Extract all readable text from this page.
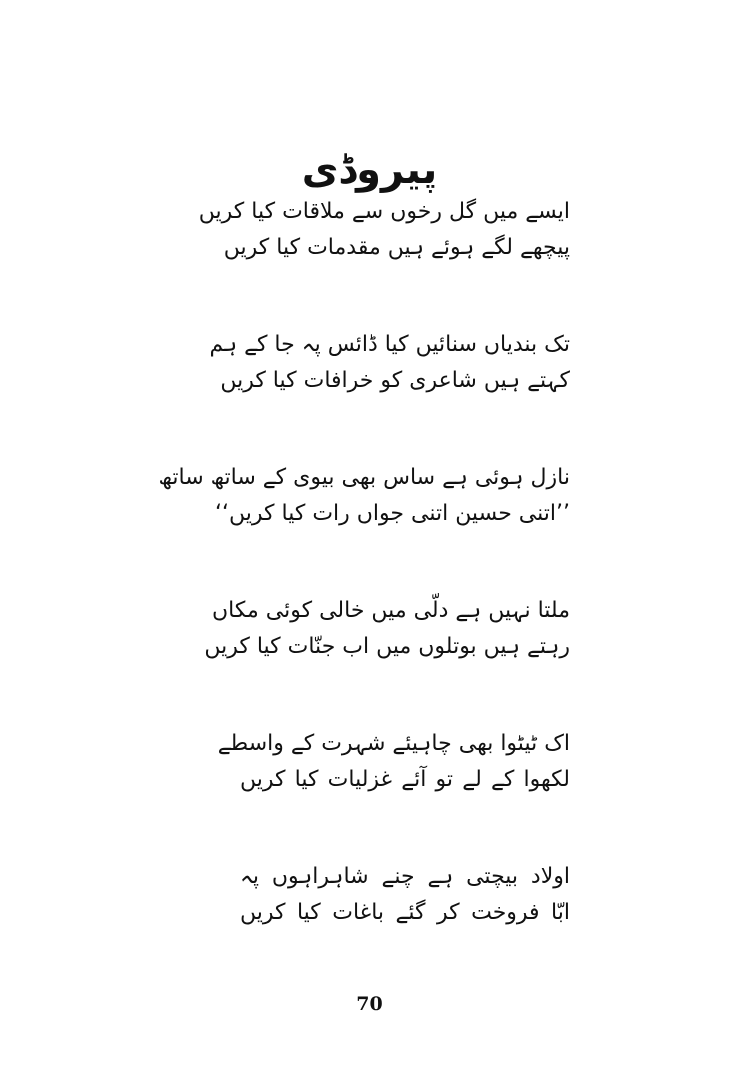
پیروڈی
ایسے میں گل رخوں سے ملاقات کیا کریں
پیچھے لگے ہوئے ہیں مقدمات کیا کریں
تک بندیاں سنائیں کیا ڈائس پہ جا کے ہم
کہتے ہیں شاعری کو خرافات کیا کریں
نازل ہوئی ہے ساس بھی بیوی کے ساتھ ساتھ
’’اتنی حسین اتنی جواں رات کیا کریں‘‘
ملتا نہیں ہے دلّی میں خالی کوئی مکاں
رہتے ہیں بوتلوں میں اب جنّات کیا کریں
اک ٹیٹوا بھی چاہیئے شہرت کے واسطے
لکھوا کے لے تو آئے غزلیات کیا کریں
اولاد بیچتی ہے چنے شاہراہوں پہ
ابّا فروخت کر گئے باغات کیا کریں
70
